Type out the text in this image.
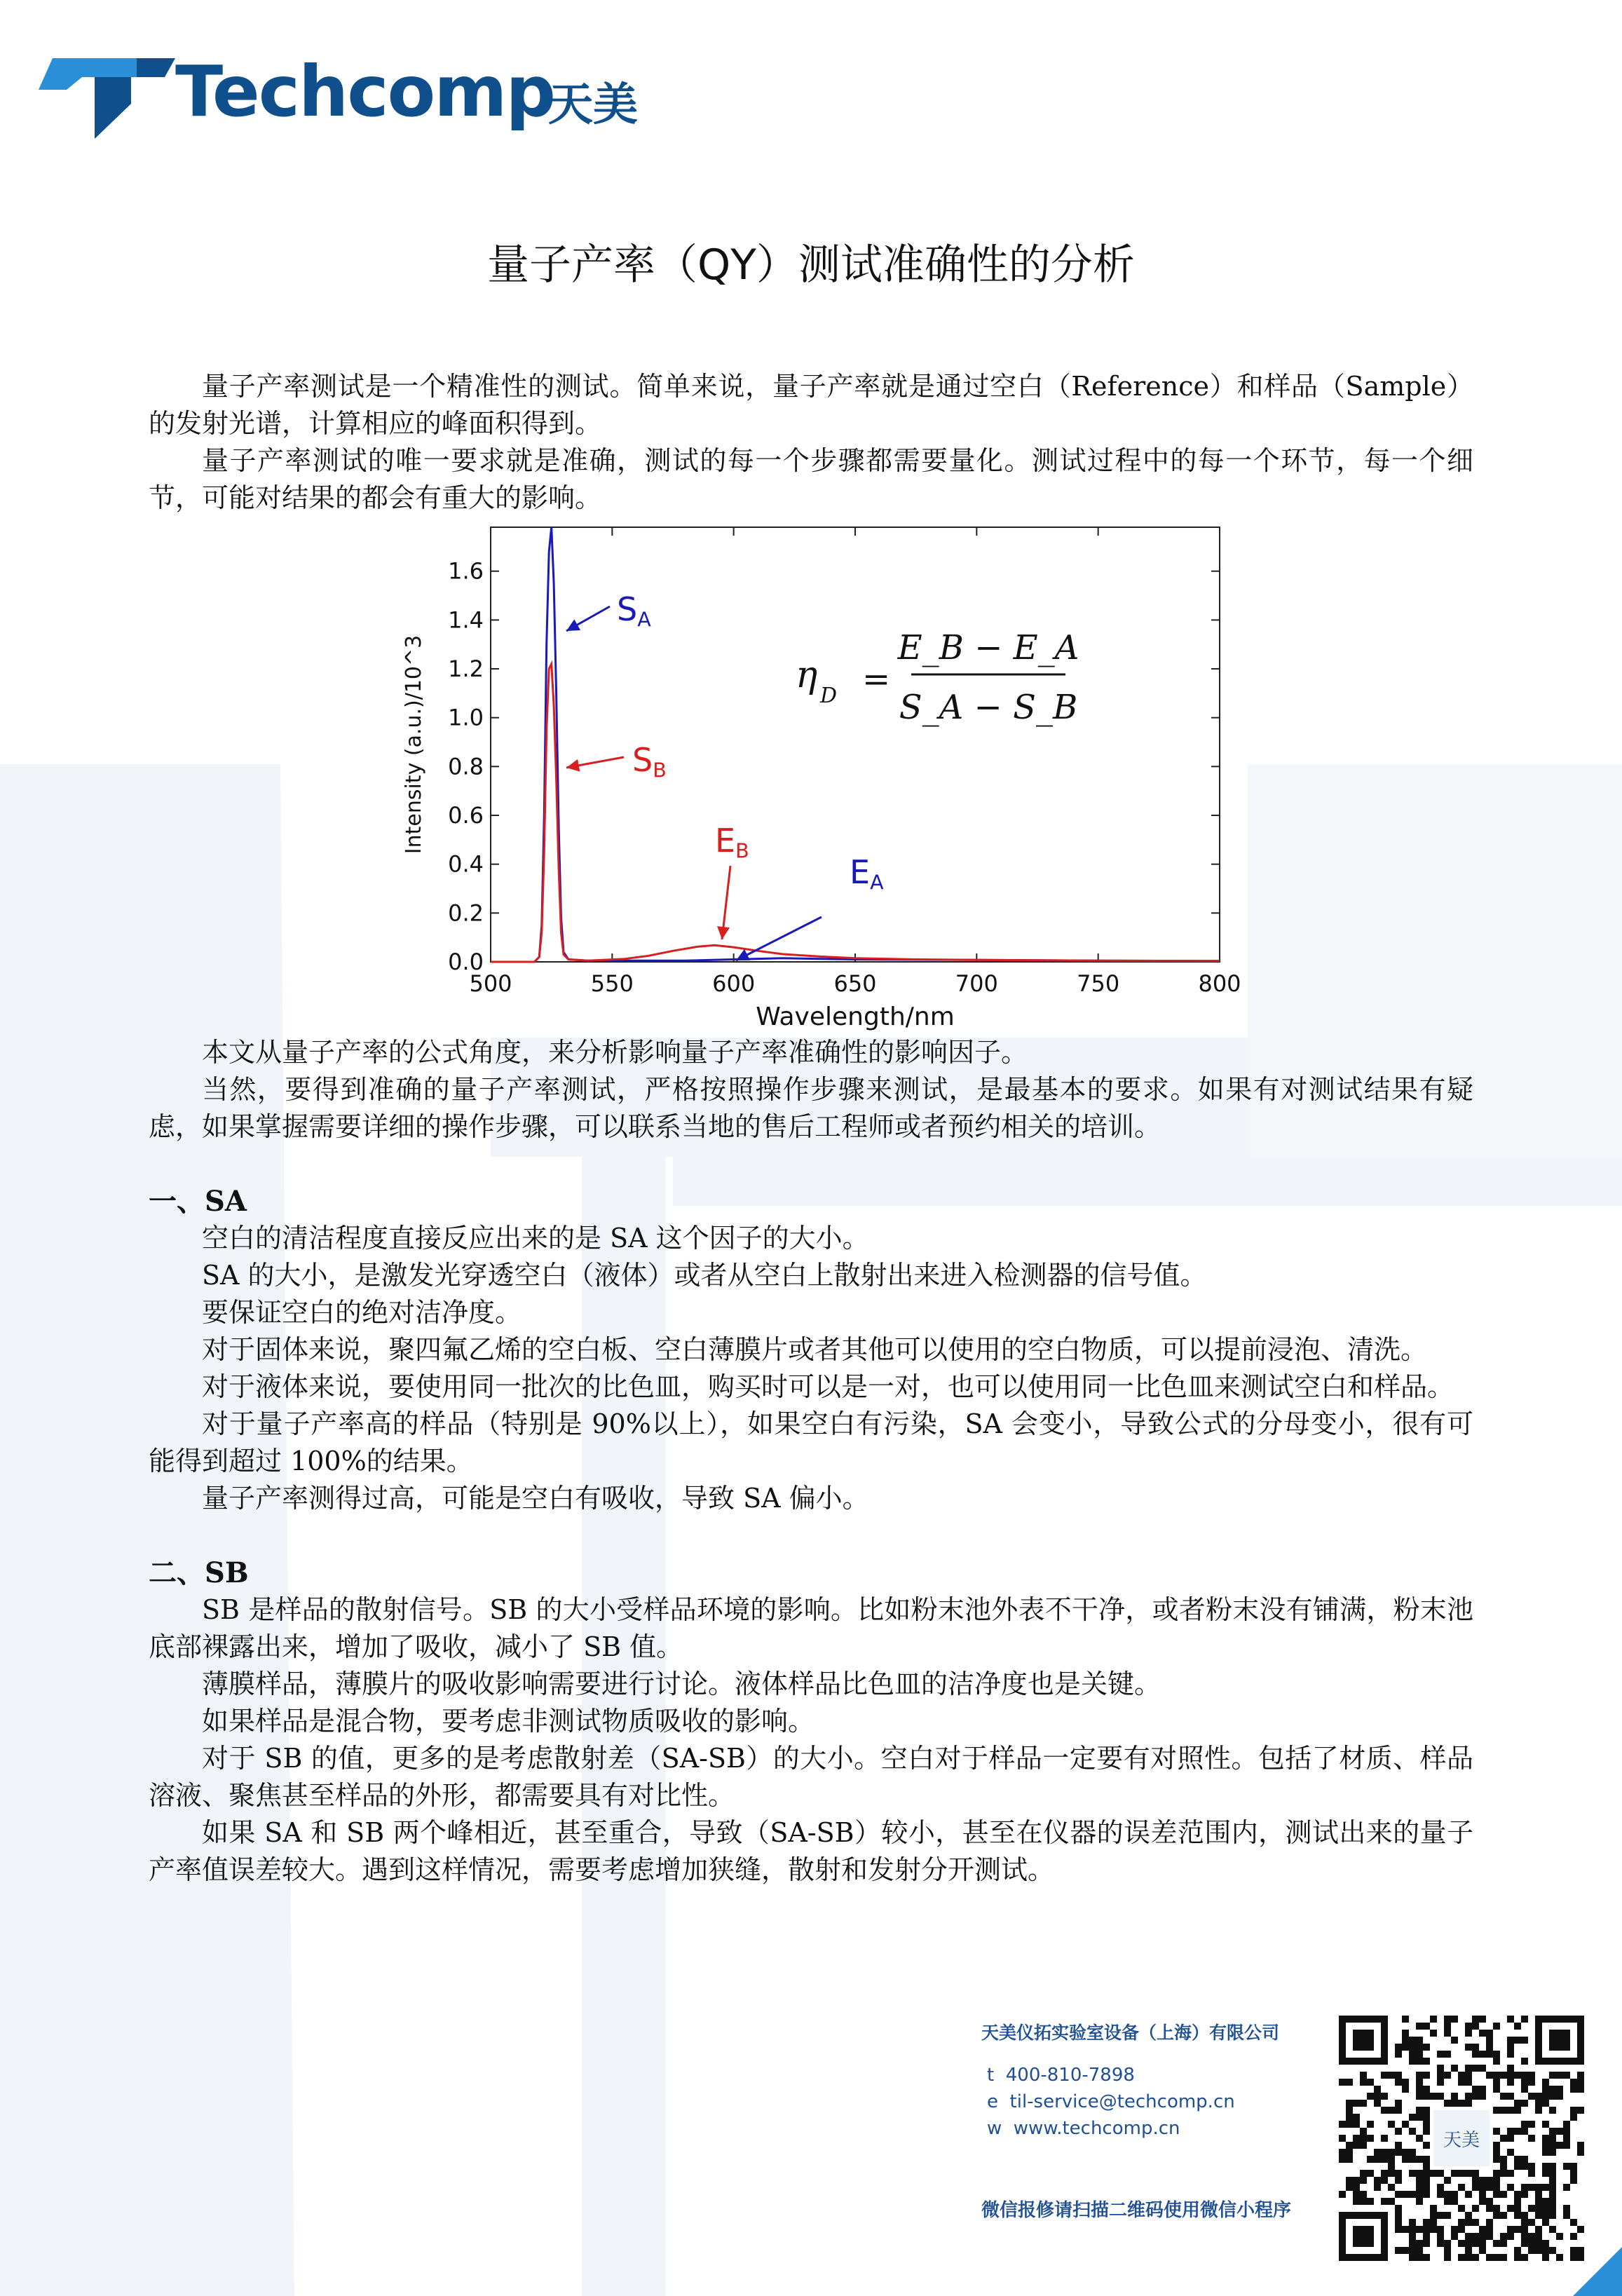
Techcomp
天美
量子产率（QY）测试准确性的分析

量子产率测试是一个精准性的测试。简单来说，量子产率就是通过空白（Reference）和样品（Sample）的发射光谱，计算相应的峰面积得到。

量子产率测试的唯一要求就是准确，测试的每一个步骤都需要量化。测试过程中的每一个环节，每一个细节，可能对结果的都会有重大的影响。

500	550	600	650	700	750	800
0.0
0.2
0.4
0.6
0.8
1.0
1.2
1.4
1.6
Wavelength/nm
Intensity (a.u.)/10^3
SA
SB
EB
EA
η D =
E_B − E_A
S_A − S_B

本文从量子产率的公式角度，来分析影响量子产率准确性的影响因子。

当然，要得到准确的量子产率测试，严格按照操作步骤来测试，是最基本的要求。如果有对测试结果有疑虑，如果掌握需要详细的操作步骤，可以联系当地的售后工程师或者预约相关的培训。

一、SA

空白的清洁程度直接反应出来的是 SA 这个因子的大小。

SA 的大小，是激发光穿透空白（液体）或者从空白上散射出来进入检测器的信号值。

要保证空白的绝对洁净度。

对于固体来说，聚四氟乙烯的空白板、空白薄膜片或者其他可以使用的空白物质，可以提前浸泡、清洗。

对于液体来说，要使用同一批次的比色皿，购买时可以是一对，也可以使用同一比色皿来测试空白和样品。

对于量子产率高的样品（特别是 90%以上），如果空白有污染，SA 会变小，导致公式的分母变小，很有可能得到超过 100%的结果。

量子产率测得过高，可能是空白有吸收，导致 SA 偏小。

二、SB

SB 是样品的散射信号。SB 的大小受样品环境的影响。比如粉末池外表不干净，或者粉末没有铺满，粉末池底部裸露出来，增加了吸收，减小了 SB 值。

薄膜样品，薄膜片的吸收影响需要进行讨论。液体样品比色皿的洁净度也是关键。

如果样品是混合物，要考虑非测试物质吸收的影响。

对于 SB 的值，更多的是考虑散射差（SA-SB）的大小。空白对于样品一定要有对照性。包括了材质、样品溶液、聚焦甚至样品的外形，都需要具有对比性。

如果 SA 和 SB 两个峰相近，甚至重合，导致（SA-SB）较小，甚至在仪器的误差范围内，测试出来的量子产率值误差较大。遇到这样情况，需要考虑增加狭缝，散射和发射分开测试。

天美仪拓实验室设备（上海）有限公司
t 400-810-7898
e til-service@techcomp.cn
w www.techcomp.cn
微信报修请扫描二维码使用微信小程序
天美
